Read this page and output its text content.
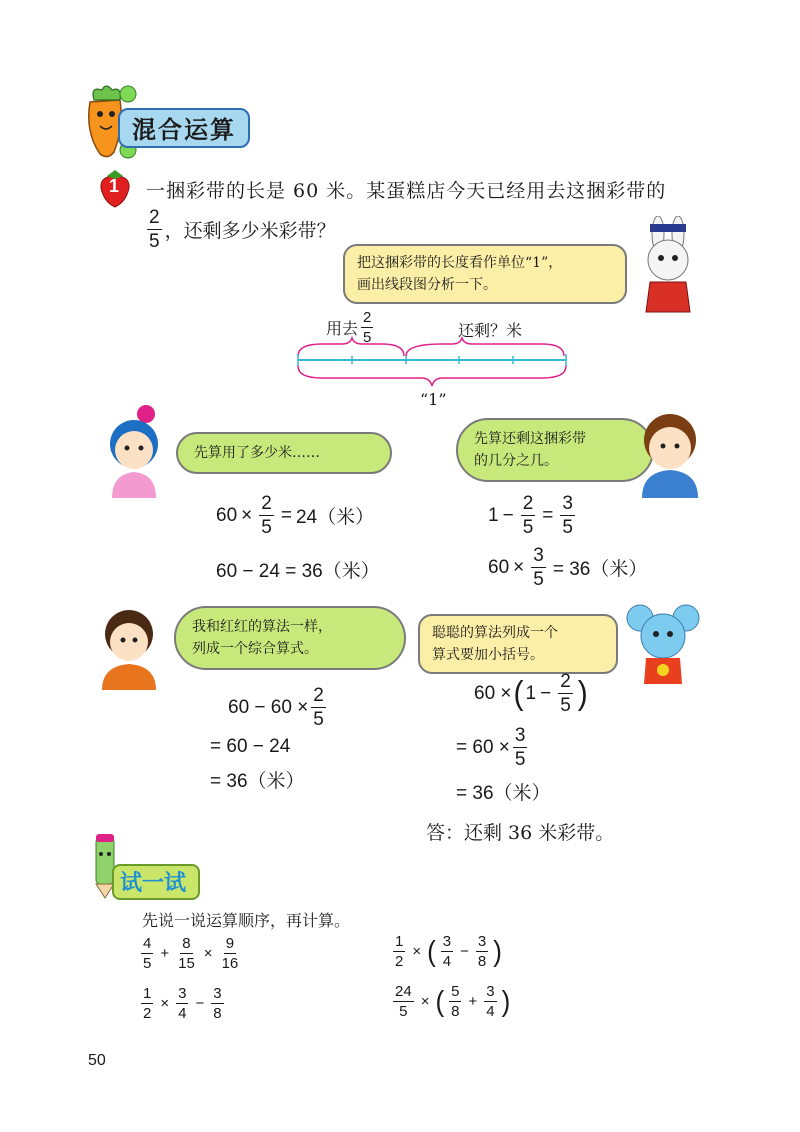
混合运算
1 一捆彩带的长是 60 米。某蛋糕店今天已经用去这捆彩带的
$\frac{2}{5}$ ，还剩多少米彩带？
把这捆彩带的长度看作单位“1”，
画出线段图分析一下。
用去 $\frac{2}{5}$	还剩？米
“1”
先算用了多少米……
先算还剩这捆彩带
的几分之几。
$60 \times \frac{2}{5} = 24$（米）
60 − 24 = 36（米）
$1 - \frac{2}{5} = \frac{3}{5}$
$60 \times \frac{3}{5} = 36$（米）
我和红红的算法一样，
列成一个综合算式。
聪聪的算法列成一个
算式要加小括号。
$60 - 60 \times \frac{2}{5}$
= 60 − 24
= 36（米）
60 × ( $1 - \frac{2}{5}$ )
= $60 \times \frac{3}{5}$
= 36（米）
答：还剩 36 米彩带。
试一试
先说一说运算顺序，再计算。
$\frac{4}{5} + \frac{8}{15} \times \frac{9}{16}$	$\frac{1}{2}$ × ( $\frac{3}{4} - \frac{3}{8}$ )
$\frac{1}{2} \times \frac{3}{4} - \frac{3}{8}$	$\frac{24}{5}$ × ( $\frac{5}{8} + \frac{3}{4}$ )
50
